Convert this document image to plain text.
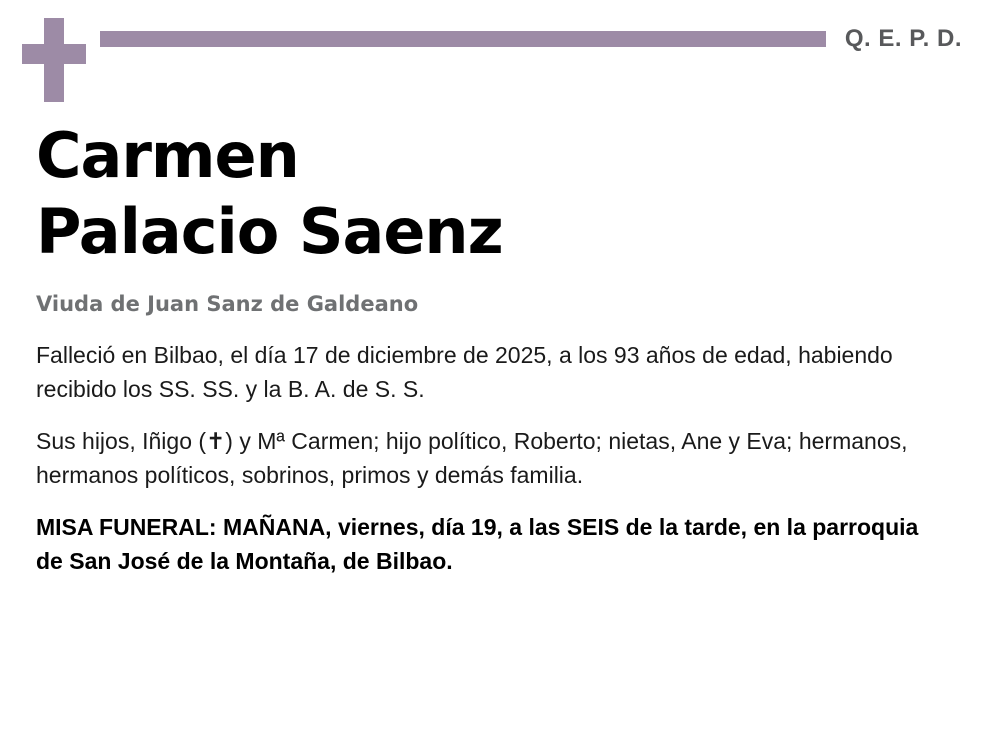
Q. E. P. D.
Carmen
Palacio Saenz
Viuda de Juan Sanz de Galdeano
Falleció en Bilbao, el día 17 de diciembre de 2025, a los 93 años de edad, habiendo recibido los SS. SS. y la B. A. de S. S.
Sus hijos, Iñigo (✝) y Mª Carmen; hijo político, Roberto; nietas, Ane y Eva; hermanos, hermanos políticos, sobrinos, primos y demás familia.
MISA FUNERAL: MAÑANA, viernes, día 19, a las SEIS de la tarde, en la parroquia de San José de la Montaña, de Bilbao.
